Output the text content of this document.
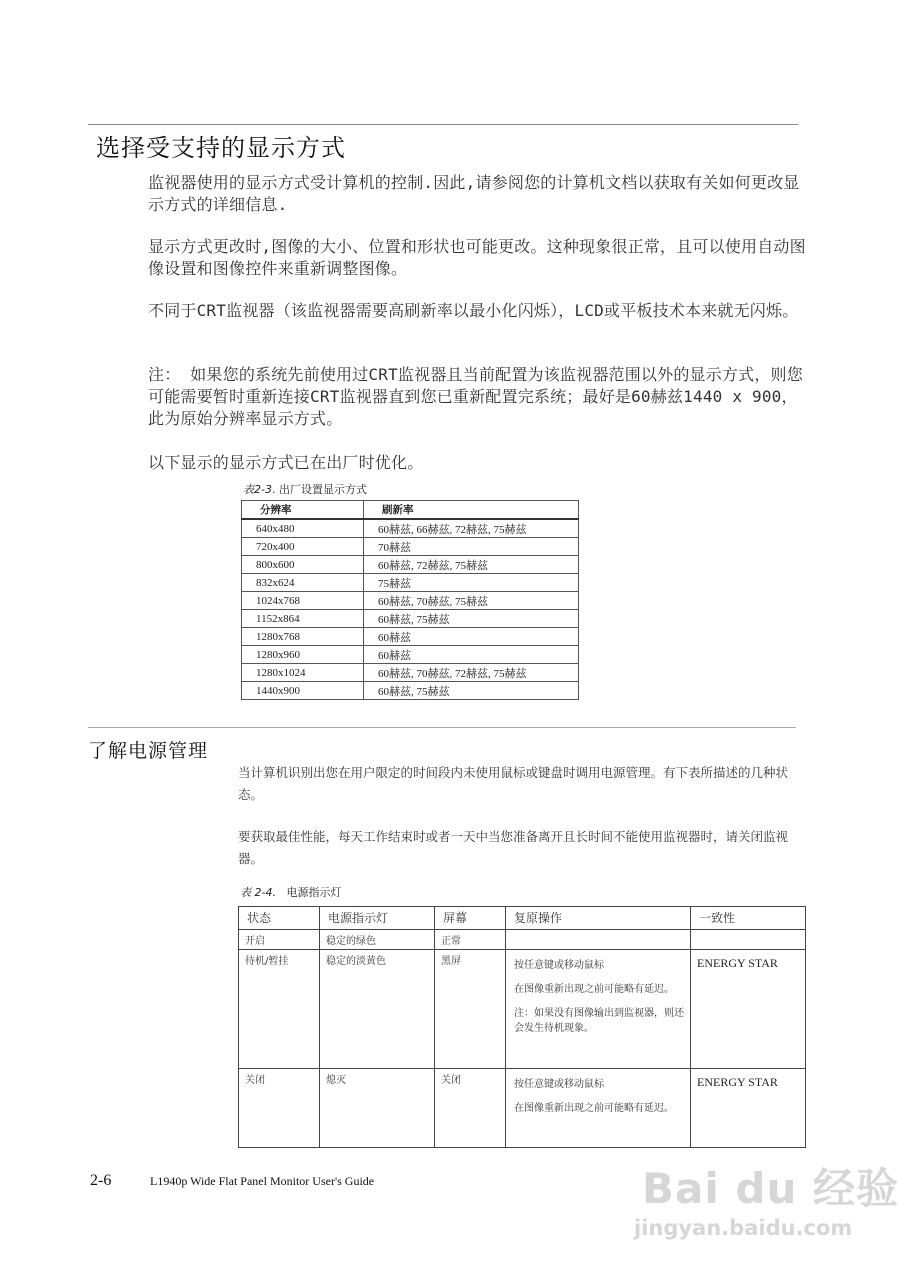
选择受支持的显示方式
监视器使用的显示方式受计算机的控制.因此,请参阅您的计算机文档以获取有关如何更改显示方式的详细信息.
显示方式更改时,图像的大小、位置和形状也可能更改。这种现象很正常，且可以使用自动图像设置和图像控件来重新调整图像。
不同于CRT监视器（该监视器需要高刷新率以最小化闪烁），LCD或平板技术本来就无闪烁。
注： 如果您的系统先前使用过CRT监视器且当前配置为该监视器范围以外的显示方式，则您可能需要暂时重新连接CRT监视器直到您已重新配置完系统；最好是60赫兹1440 x 900，此为原始分辨率显示方式。
以下显示的显示方式已在出厂时优化。
表2-3. 出厂设置显示方式
分辨率	刷新率
640x480	60赫兹, 66赫兹, 72赫兹, 75赫兹
720x400	70赫兹
800x600	60赫兹, 72赫兹, 75赫兹
832x624	75赫兹
1024x768	60赫兹, 70赫兹, 75赫兹
1152x864	60赫兹, 75赫兹
1280x768	60赫兹
1280x960	60赫兹
1280x1024	60赫兹, 70赫兹, 72赫兹, 75赫兹
1440x900	60赫兹, 75赫兹
了解电源管理
当计算机识别出您在用户限定的时间段内未使用鼠标或键盘时调用电源管理。有下表所描述的几种状态。
要获取最佳性能，每天工作结束时或者一天中当您准备离开且长时间不能使用监视器时，请关闭监视器。
表 2-4. 电源指示灯
状态	电源指示灯	屏幕	复原操作	一致性
开启	稳定的绿色	正常		
待机/暂挂	稳定的淡黄色	黑屏	按任意键或移动鼠标

在图像重新出现之前可能略有延迟。

注：如果没有图像输出到监视器，则还会发生待机现象。	ENERGY STAR
关闭	熄灭	关闭	按任意键或移动鼠标

在图像重新出现之前可能略有延迟。	ENERGY STAR
2-6	L1940p Wide Flat Panel Monitor User's Guide	Bai du 经验
jingyan.baidu.com
